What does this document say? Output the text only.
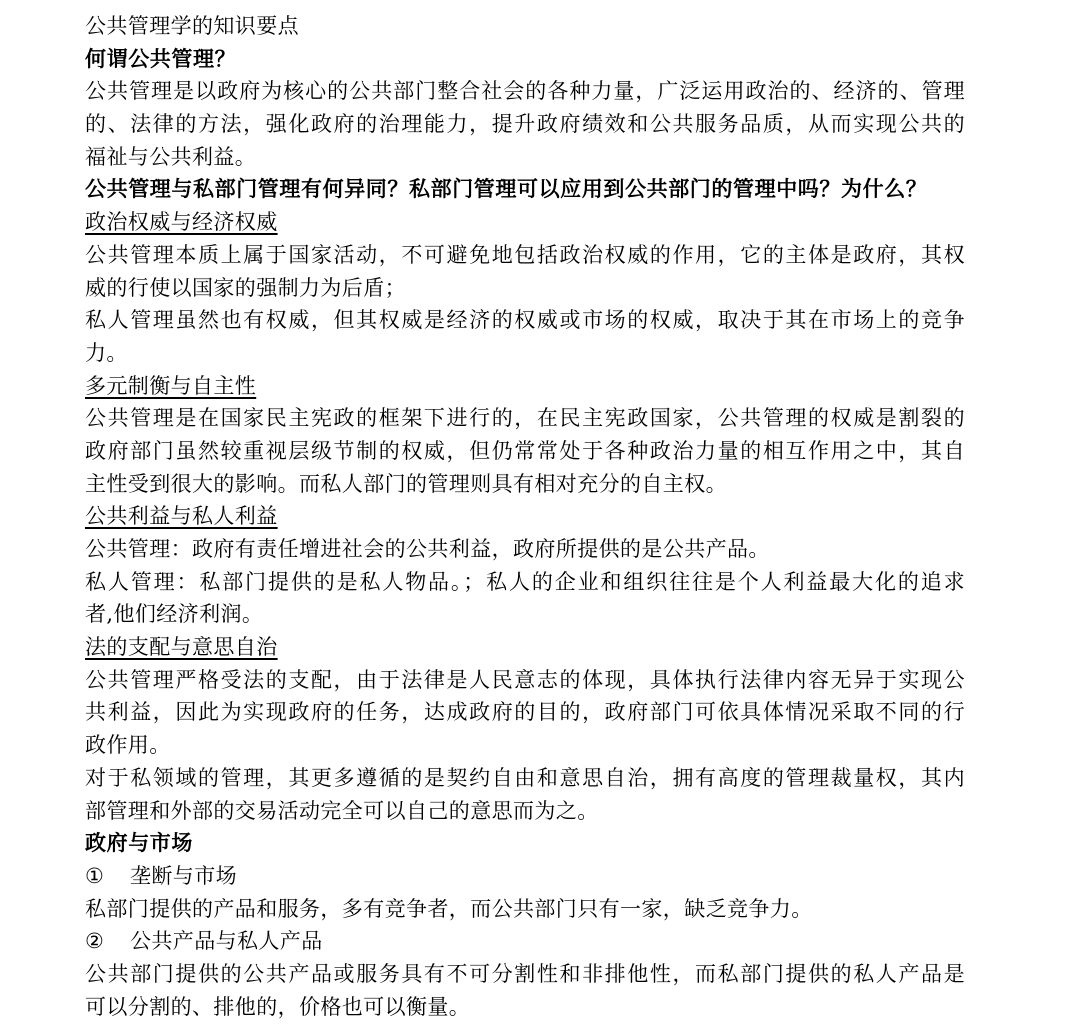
公共管理学的知识要点
何谓公共管理？
公共管理是以政府为核心的公共部门整合社会的各种力量，广泛运用政治的、经济的、管理
的、法律的方法，强化政府的治理能力，提升政府绩效和公共服务品质，从而实现公共的
福祉与公共利益。
公共管理与私部门管理有何异同？私部门管理可以应用到公共部门的管理中吗？为什么？
政治权威与经济权威
公共管理本质上属于国家活动，不可避免地包括政治权威的作用，它的主体是政府，其权
威的行使以国家的强制力为后盾；
私人管理虽然也有权威，但其权威是经济的权威或市场的权威，取决于其在市场上的竞争
力。
多元制衡与自主性
公共管理是在国家民主宪政的框架下进行的，在民主宪政国家，公共管理的权威是割裂的
政府部门虽然较重视层级节制的权威，但仍常常处于各种政治力量的相互作用之中，其自
主性受到很大的影响。而私人部门的管理则具有相对充分的自主权。
公共利益与私人利益
公共管理：政府有责任增进社会的公共利益，政府所提供的是公共产品。
私人管理：私部门提供的是私人物品。；私人的企业和组织往往是个人利益最大化的追求
者,他们经济利润。
法的支配与意思自治
公共管理严格受法的支配，由于法律是人民意志的体现，具体执行法律内容无异于实现公
共利益，因此为实现政府的任务，达成政府的目的，政府部门可依具体情况采取不同的行
政作用。
对于私领域的管理，其更多遵循的是契约自由和意思自治，拥有高度的管理裁量权，其内
部管理和外部的交易活动完全可以自己的意思而为之。
政府与市场
① 垄断与市场
私部门提供的产品和服务，多有竞争者，而公共部门只有一家，缺乏竞争力。
② 公共产品与私人产品
公共部门提供的公共产品或服务具有不可分割性和非排他性，而私部门提供的私人产品是
可以分割的、排他的，价格也可以衡量。
